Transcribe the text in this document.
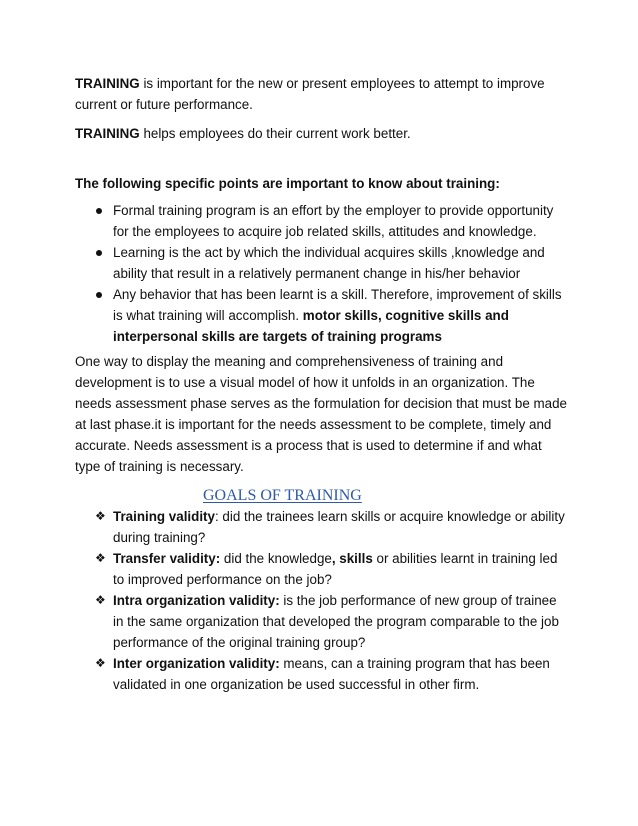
TRAINING is important for the new or present employees to attempt to improve current or future performance.

TRAINING helps employees do their current work better.

The following specific points are important to know about training:

Formal training program is an effort by the employer to provide opportunity for the employees to acquire job related skills, attitudes and knowledge.
Learning is the act by which the individual acquires skills ,knowledge and ability that result in a relatively permanent change in his/her behavior
Any behavior that has been learnt is a skill. Therefore, improvement of skills is what training will accomplish. motor skills, cognitive skills and interpersonal skills are targets of training programs

One way to display the meaning and comprehensiveness of training and development is to use a visual model of how it unfolds in an organization. The needs assessment phase serves as the formulation for decision that must be made at last phase.it is important for the needs assessment to be complete, timely and accurate. Needs assessment is a process that is used to determine if and what type of training is necessary.

GOALS OF TRAINING

❖ Training validity: did the trainees learn skills or acquire knowledge or ability during training?
❖ Transfer validity: did the knowledge, skills or abilities learnt in training led to improved performance on the job?
❖ Intra organization validity: is the job performance of new group of trainee in the same organization that developed the program comparable to the job performance of the original training group?
❖ Inter organization validity: means, can a training program that has been validated in one organization be used successful in other firm.
